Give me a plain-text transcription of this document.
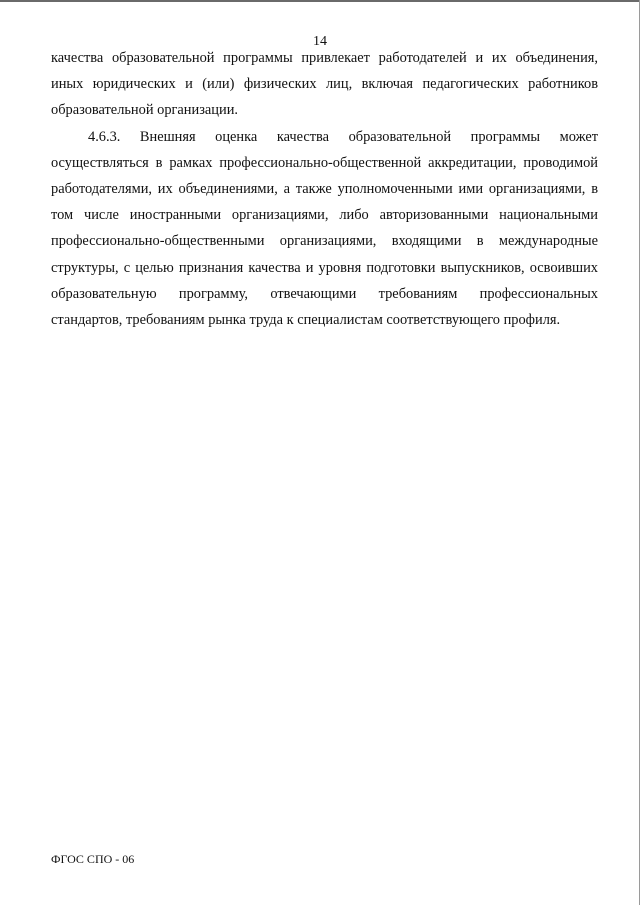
14

качества образовательной программы привлекает работодателей и их объединения, иных юридических и (или) физических лиц, включая педагогических работников образовательной организации.

4.6.3. Внешняя оценка качества образовательной программы может осуществляться в рамках профессионально-общественной аккредитации, проводимой работодателями, их объединениями, а также уполномоченными ими организациями, в том числе иностранными организациями, либо авторизованными национальными профессионально-общественными организациями, входящими в международные структуры, с целью признания качества и уровня подготовки выпускников, освоивших образовательную программу, отвечающими требованиям профессиональных стандартов, требованиям рынка труда к специалистам соответствующего профиля.

ФГОС СПО - 06
